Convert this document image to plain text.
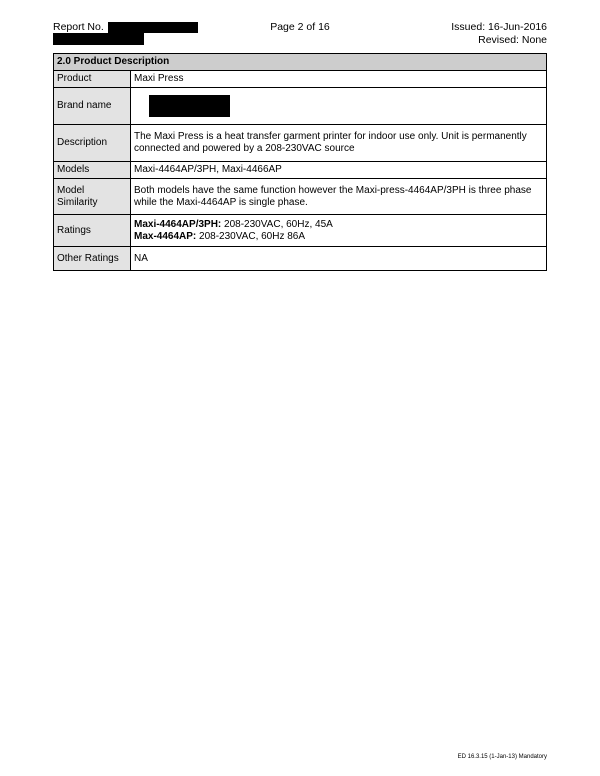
Report No.	Page 2 of 16	Issued: 16-Jun-2016
Revised: None
2.0 Product Description	
Product	Maxi Press
Brand name	
Description	The Maxi Press is a heat transfer garment printer for indoor use only. Unit is permanently connected and powered by a 208-230VAC source
Models	Maxi-4464AP/3PH, Maxi-4466AP
Model Similarity	Both models have the same function however the Maxi-press-4464AP/3PH is three phase while the Maxi-4464AP is single phase.
Ratings	Maxi-4464AP/3PH: 208-230VAC, 60Hz, 45A
Max-4464AP: 208-230VAC, 60Hz 86A

Other Ratings	NA
ED 16.3.15 (1-Jan-13) Mandatory
